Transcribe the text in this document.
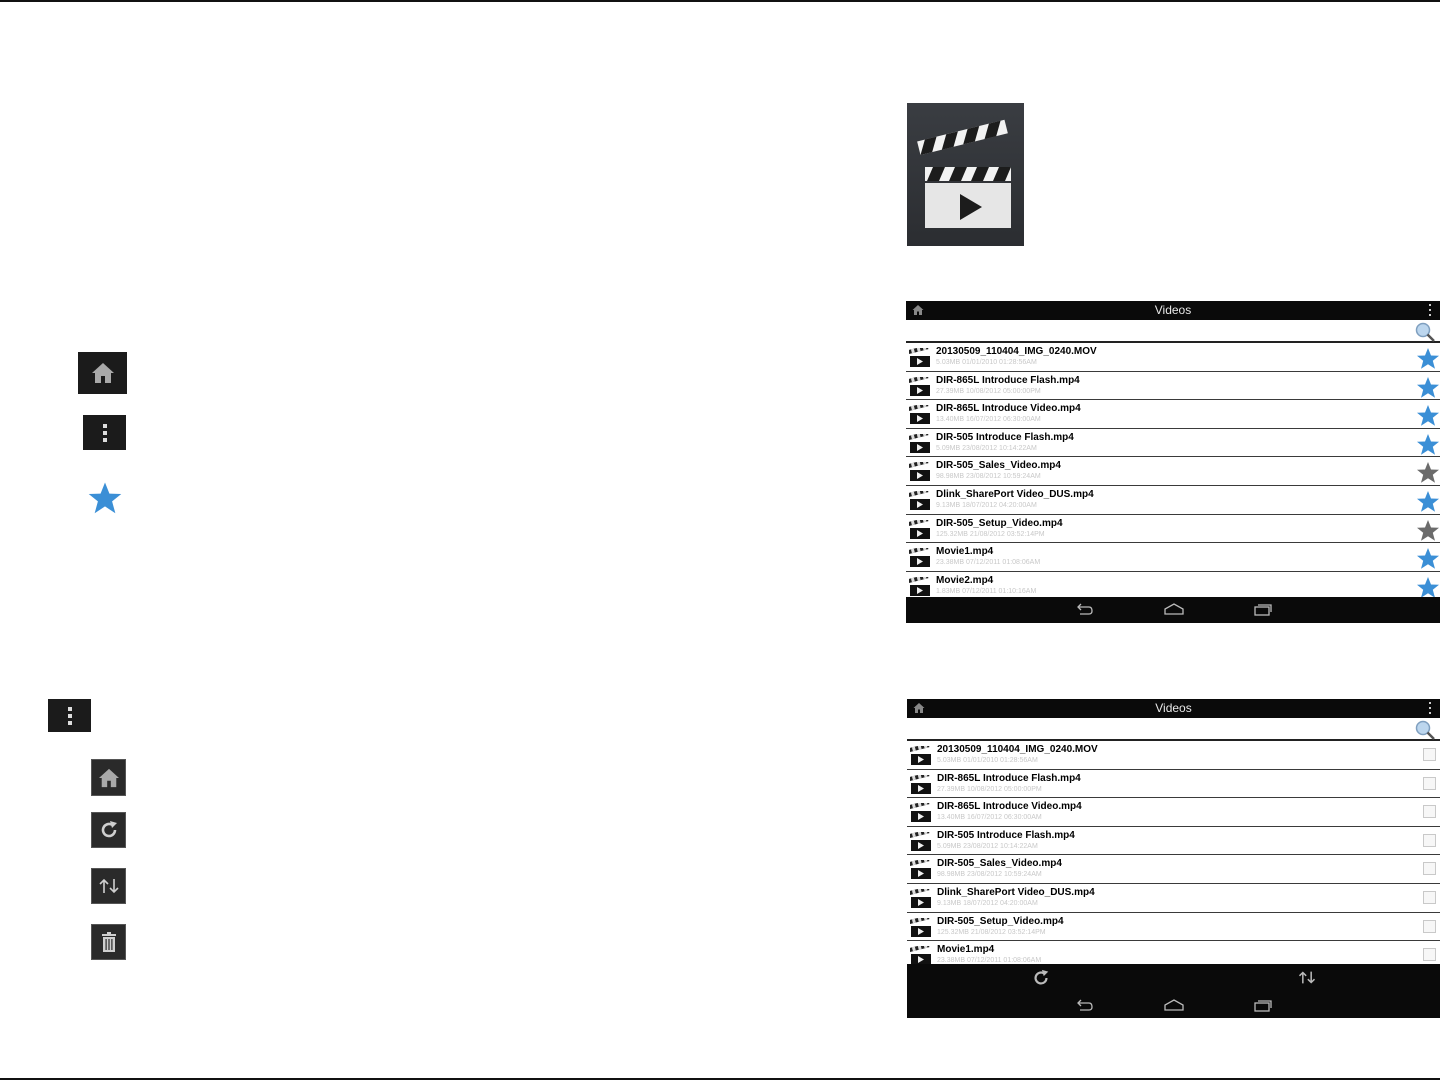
Videos
20130509_110404_IMG_0240.MOV
5.03MB 01/01/2010 01:28:56AM
DIR-865L Introduce Flash.mp4
27.39MB 10/08/2012 05:00:00PM
DIR-865L Introduce Video.mp4
13.40MB 16/07/2012 06:30:00AM
DIR-505 Introduce Flash.mp4
5.09MB 23/08/2012 10:14:22AM
DIR-505_Sales_Video.mp4
98.98MB 23/08/2012 10:59:24AM
Dlink_SharePort Video_DUS.mp4
9.13MB 18/07/2012 04:20:00AM
DIR-505_Setup_Video.mp4
125.32MB 21/08/2012 03:52:14PM
Movie1.mp4
23.38MB 07/12/2011 01:08:06AM
Movie2.mp4
1.83MB 07/12/2011 01:10:16AM
Videos
20130509_110404_IMG_0240.MOV
5.03MB 01/01/2010 01:28:56AM
DIR-865L Introduce Flash.mp4
27.39MB 10/08/2012 05:00:00PM
DIR-865L Introduce Video.mp4
13.40MB 16/07/2012 06:30:00AM
DIR-505 Introduce Flash.mp4
5.09MB 23/08/2012 10:14:22AM
DIR-505_Sales_Video.mp4
98.98MB 23/08/2012 10:59:24AM
Dlink_SharePort Video_DUS.mp4
9.13MB 18/07/2012 04:20:00AM
DIR-505_Setup_Video.mp4
125.32MB 21/08/2012 03:52:14PM
Movie1.mp4
23.38MB 07/12/2011 01:08:06AM
